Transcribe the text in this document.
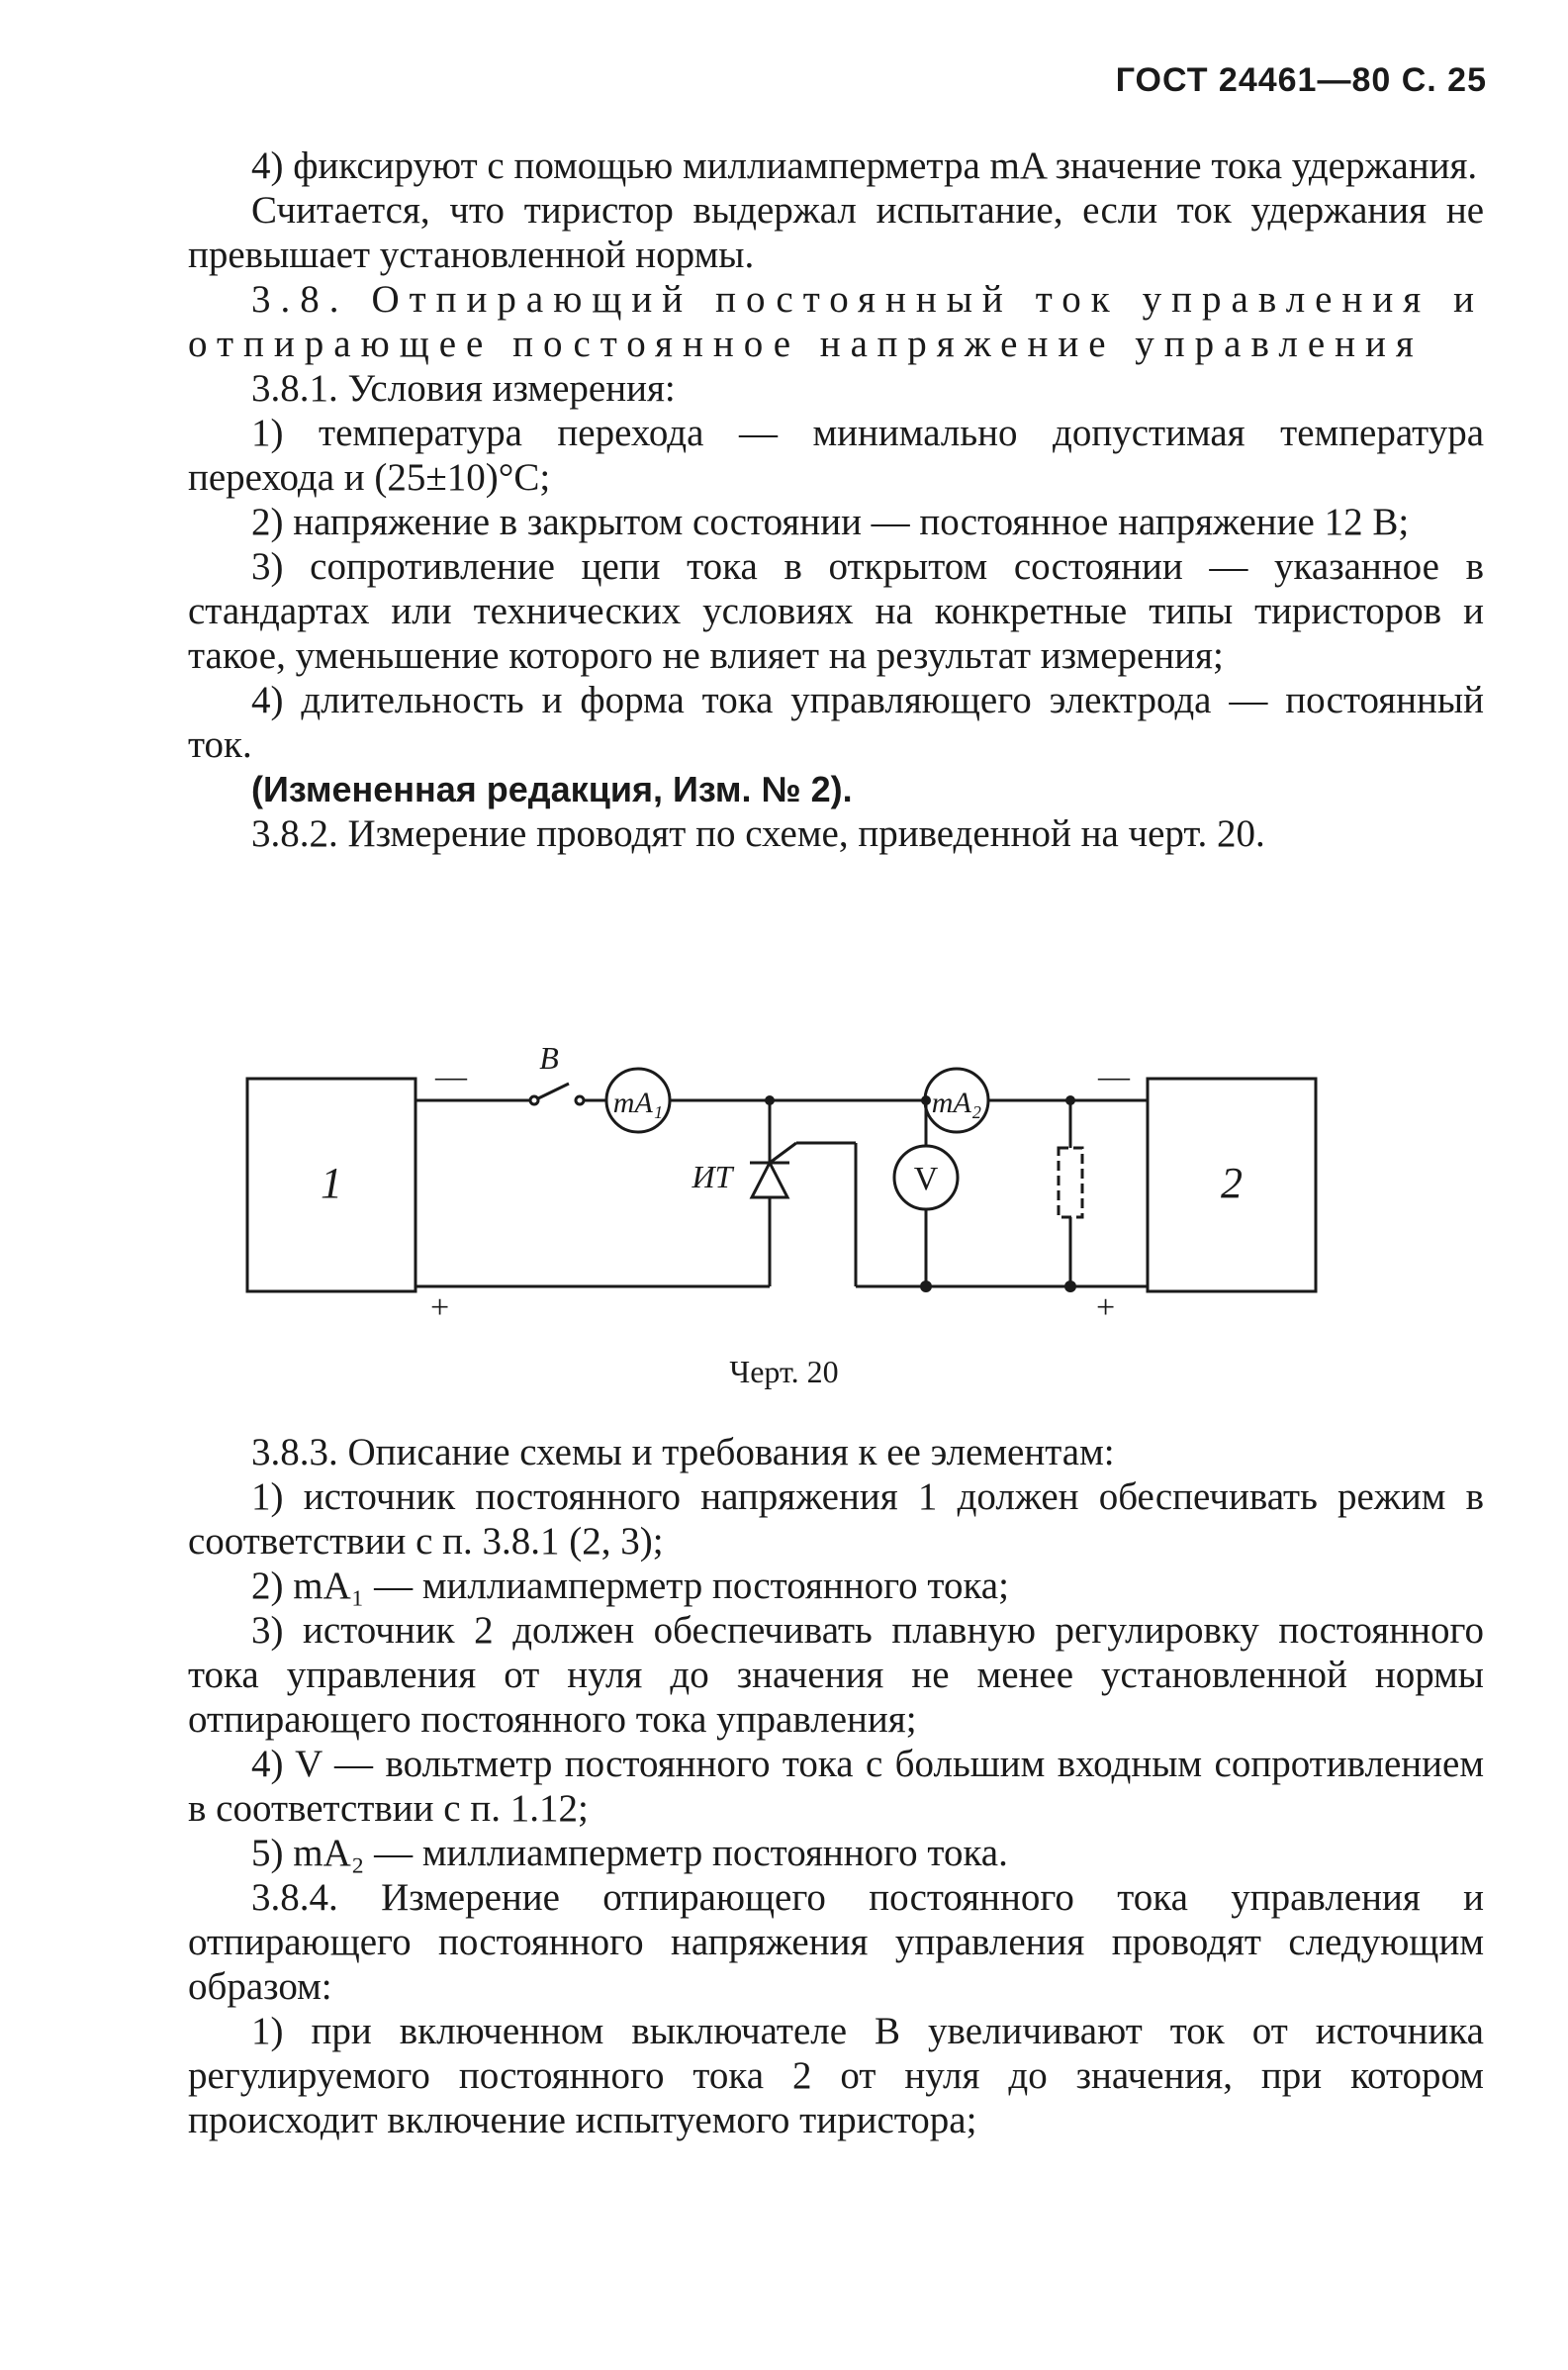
ГОСТ 24461—80 С. 25

4) фиксируют с помощью миллиамперметра mA значение тока удержания.

Считается, что тиристор выдержал испытание, если ток удержания не превышает установленной нормы.

3.8. Отпирающий постоянный ток управления и отпирающее постоянное напряжение управления

3.8.1. Условия измерения:

1) температура перехода — минимально допустимая температура перехода и (25±10)°С;

2) напряжение в закрытом состоянии — постоянное напряжение 12 В;

3) сопротивление цепи тока в открытом состоянии — указанное в стандартах или технических условиях на конкретные типы тиристоров и такое, уменьшение которого не влияет на результат измерения;

4) длительность и форма тока управляющего электрода — постоянный ток.

(Измененная редакция, Изм. № 2).

3.8.2. Измерение проводят по схеме, приведенной на черт. 20.

1	2
В
mA₁	mA₂
ИТ	V
—
+
—
+
Черт. 20

3.8.3. Описание схемы и требования к ее элементам:

1) источник постоянного напряжения 1 должен обеспечивать режим в соответствии с п. 3.8.1 (2, 3);

2) mA₁ — миллиамперметр постоянного тока;

3) источник 2 должен обеспечивать плавную регулировку постоянного тока управления от нуля до значения не менее установленной нормы отпирающего постоянного тока управления;

4) V — вольтметр постоянного тока с большим входным сопротивлением в соответствии с п. 1.12;

5) mA₂ — миллиамперметр постоянного тока.

3.8.4. Измерение отпирающего постоянного тока управления и отпирающего постоянного напряжения управления проводят следующим образом:

1) при включенном выключателе В увеличивают ток от источника регулируемого постоянного тока 2 от нуля до значения, при котором происходит включение испытуемого тиристора;
